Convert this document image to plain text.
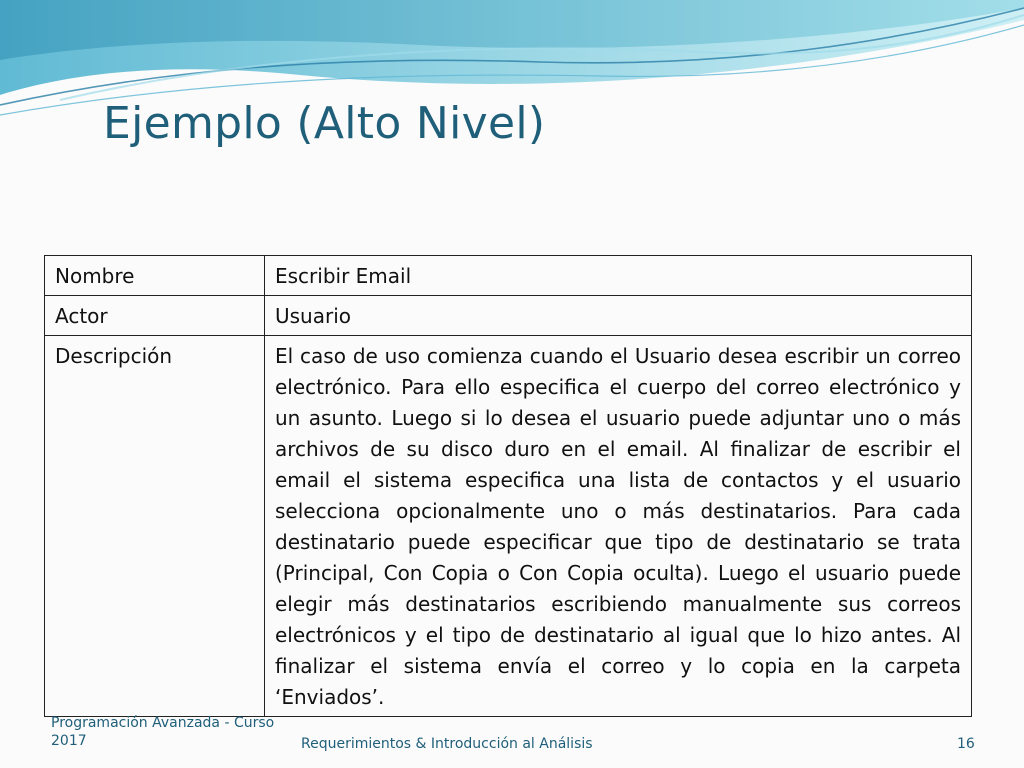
Ejemplo (Alto Nivel)
Nombre	Escribir Email
Actor	Usuario
Descripción	El caso de uso comienza cuando el Usuario desea escribir un correo electrónico. Para ello especifica el cuerpo del correo electrónico y un asunto. Luego si lo desea el usuario puede adjuntar uno o más archivos de su disco duro en el email. Al finalizar de escribir el email el sistema especifica una lista de contactos y el usuario selecciona opcionalmente uno o más destinatarios. Para cada destinatario puede especificar que tipo de destinatario se trata (Principal, Con Copia o Con Copia oculta). Luego el usuario puede elegir más destinatarios escribiendo manualmente sus correos electrónicos y el tipo de destinatario al igual que lo hizo antes. Al finalizar el sistema envía el correo y lo copia en la carpeta ‘Enviados’.
Programación Avanzada - Curso 2017	Requerimientos & Introducción al Análisis	16
